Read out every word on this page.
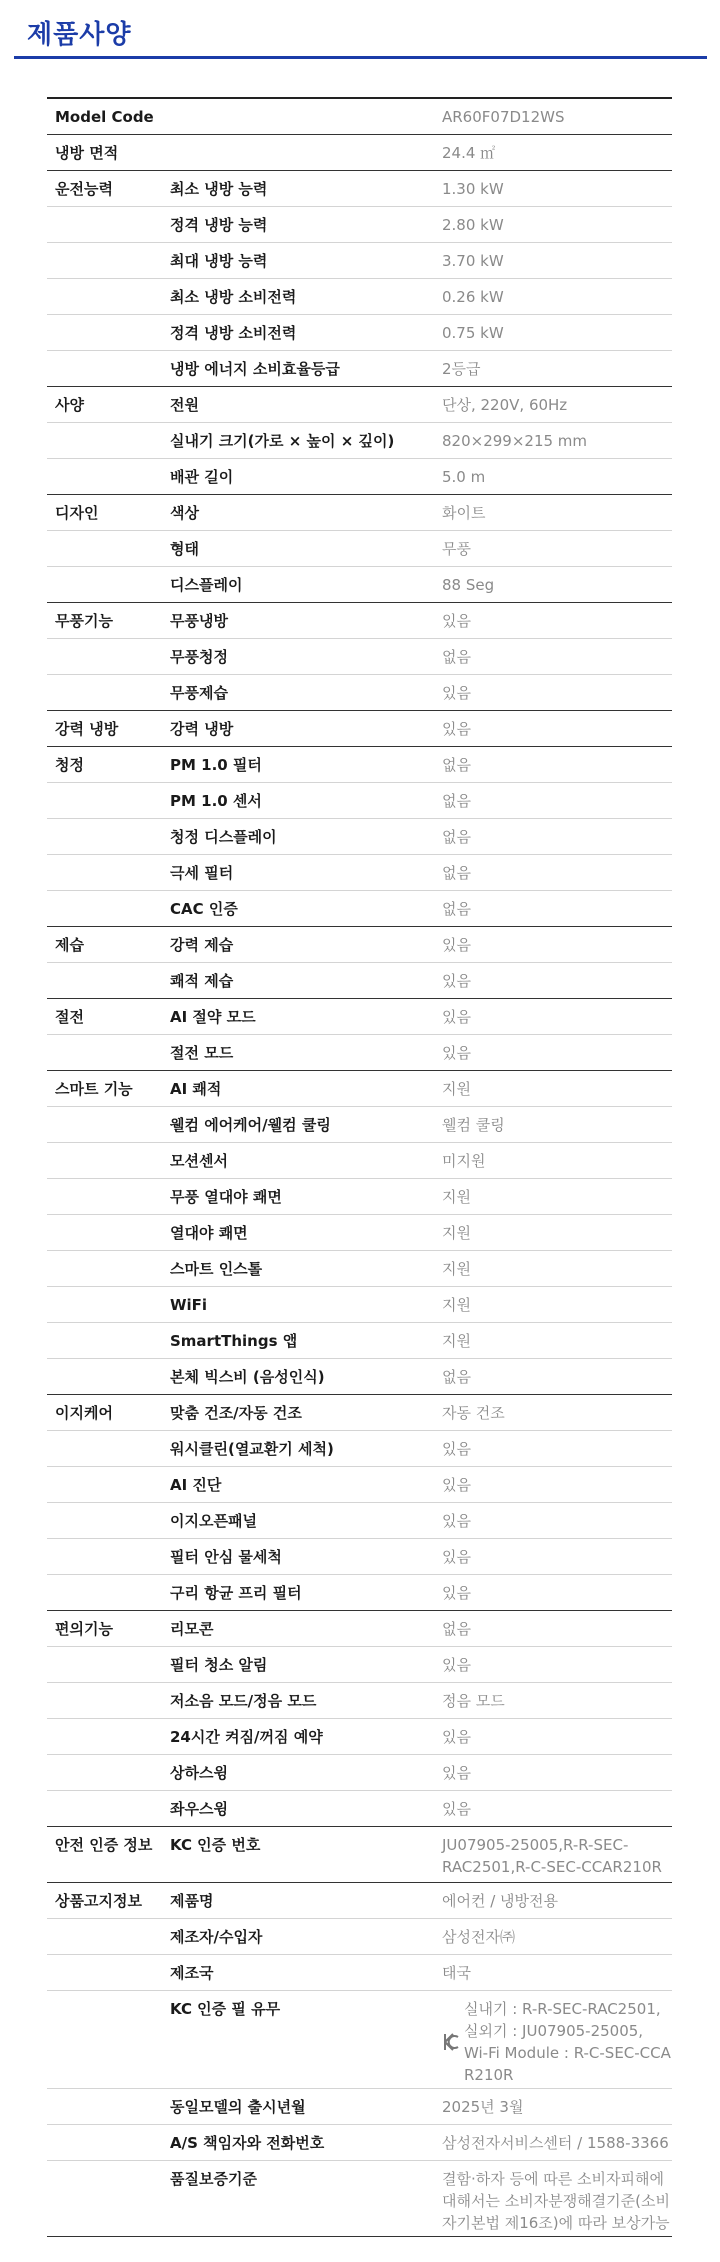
제품사양
Model Code	AR60F07D12WS
냉방 면적	24.4 ㎡
운전능력	최소 냉방 능력	1.30 kW
정격 냉방 능력	2.80 kW
최대 냉방 능력	3.70 kW
최소 냉방 소비전력	0.26 kW
정격 냉방 소비전력	0.75 kW
냉방 에너지 소비효율등급	2등급
사양	전원	단상, 220V, 60Hz
실내기 크기(가로 × 높이 × 깊이)	820×299×215 mm
배관 길이	5.0 m
디자인	색상	화이트
형태	무풍
디스플레이	88 Seg
무풍기능	무풍냉방	있음
무풍청정	없음
무풍제습	있음
강력 냉방	강력 냉방	있음
청정	PM 1.0 필터	없음
PM 1.0 센서	없음
청정 디스플레이	없음
극세 필터	없음
CAC 인증	없음
제습	강력 제습	있음
쾌적 제습	있음
절전	AI 절약 모드	있음
절전 모드	있음
스마트 기능	AI 쾌적	지원
웰컴 에어케어/웰컴 쿨링	웰컴 쿨링
모션센서	미지원
무풍 열대야 쾌면	지원
열대야 쾌면	지원
스마트 인스톨	지원
WiFi	지원
SmartThings 앱	지원
본체 빅스비 (음성인식)	없음
이지케어	맞춤 건조/자동 건조	자동 건조
워시클린(열교환기 세척)	있음
AI 진단	있음
이지오픈패널	있음
필터 안심 물세척	있음
구리 항균 프리 필터	있음
편의기능	리모콘	없음
필터 청소 알림	있음
저소음 모드/정음 모드	정음 모드
24시간 켜짐/꺼짐 예약	있음
상하스윙	있음
좌우스윙	있음
안전 인증 정보	KC 인증 번호	JU07905-25005,R-R-SEC-RAC2501,R-C-SEC-CCAR210R
상품고지정보	제품명	에어컨 / 냉방전용
제조자/수입자	삼성전자㈜
제조국	태국
KC 인증 필 유무	실내기 : R-R-SEC-RAC2501,
실외기 : JU07905-25005,
Wi-Fi Module : R-C-SEC-CCA
R210R
동일모델의 출시년월	2025년 3월
A/S 책임자와 전화번호	삼성전자서비스센터 / 1588-3366
품질보증기준	결함·하자 등에 따른 소비자피해에 대해서는 소비자분쟁해결기준(소비자기본법 제16조)에 따라 보상가능
